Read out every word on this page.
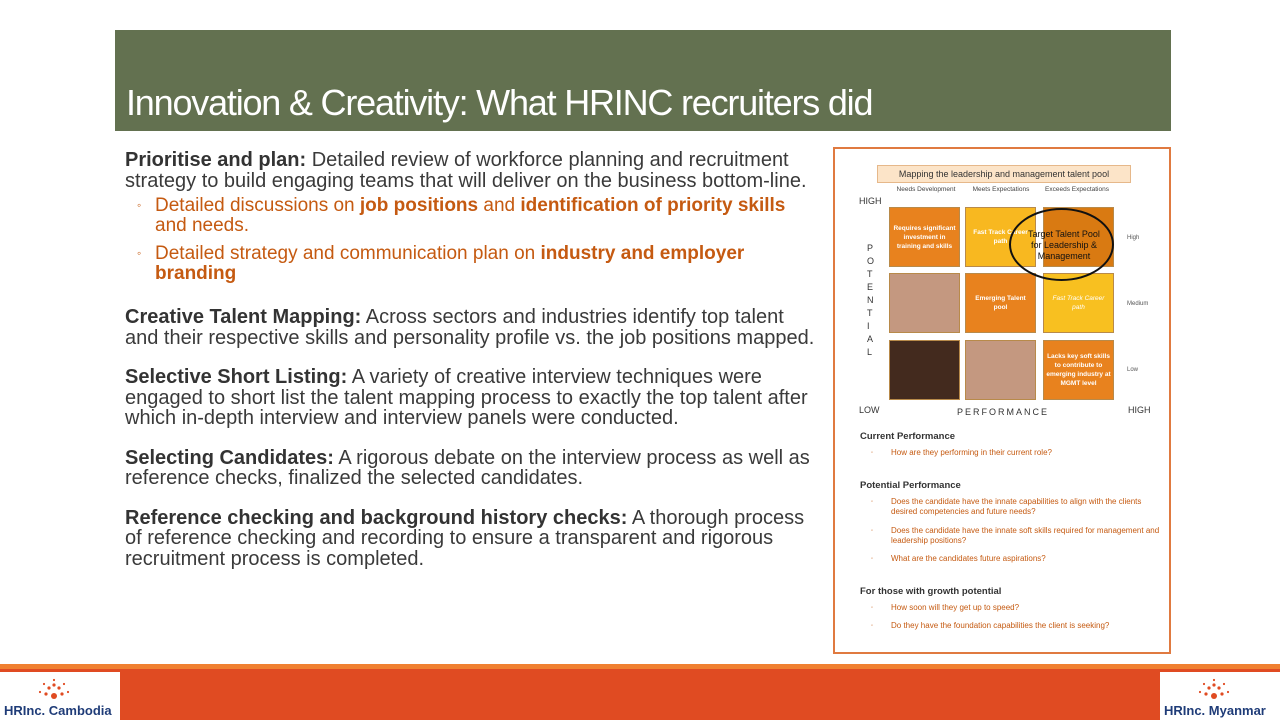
Innovation & Creativity: What HRINC recruiters did
Prioritise and plan: Detailed review of workforce planning and recruitment strategy to build engaging teams that will deliver on the business bottom-line.
◦ Detailed discussions on job positions and identification of priority skills and needs.
◦ Detailed strategy and communication plan on industry and employer branding
Creative Talent Mapping: Across sectors and industries identify top talent and their respective skills and personality profile vs. the job positions mapped.
Selective Short Listing: A variety of creative interview techniques were engaged to short list the talent mapping process to exactly the top talent after which in-depth interview and interview panels were conducted.
Selecting Candidates: A rigorous debate on the interview process as well as reference checks, finalized the selected candidates.
Reference checking and background history checks: A thorough process of reference checking and recording to ensure a transparent and rigorous recruitment process is completed.
Mapping the leadership and management talent pool
Needs Development	Meets Expectations	Exceeds Expectations
HIGH
LOW	HIGH
PERFORMANCE
P
O
T
E
N
T
I
A
L
Requires significant investment in training and skills
Fast Track Career path
Emerging Talent pool
Fast Track Career path
Lacks key soft skills to contribute to emerging industry at MGMT level
High
Medium
Low
Target Talent Pool for Leadership & Management
Current Performance
◦ How are they performing in their current role?
Potential Performance
◦ Does the candidate have the innate capabilities to align with the clients desired competencies and future needs?
◦ Does the candidate have the innate soft skills required for management and leadership positions?
◦ What are the candidates future aspirations?
For those with growth potential
◦ How soon will they get up to speed?
◦ Do they have the foundation capabilities the client is seeking?
HRInc. Cambodia	HRInc. Myanmar
